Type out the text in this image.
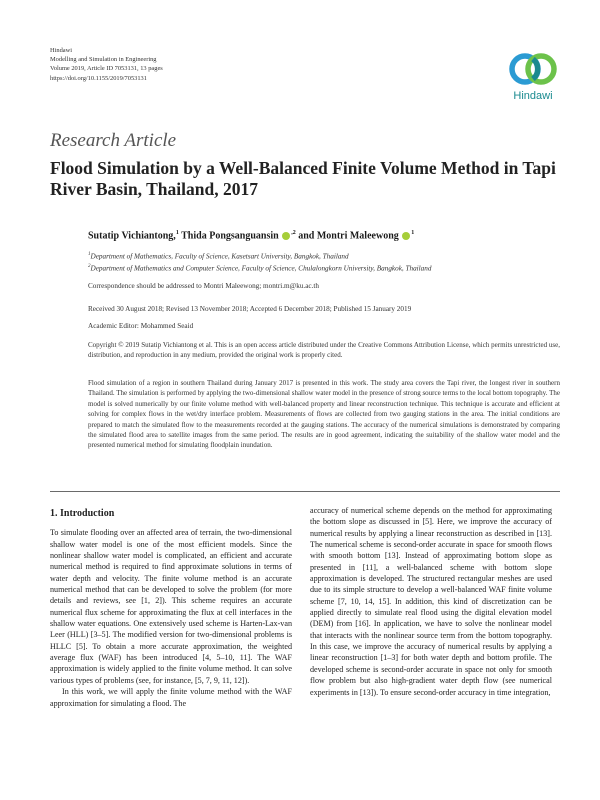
Hindawi
Modelling and Simulation in Engineering
Volume 2019, Article ID 7053131, 13 pages
https://doi.org/10.1155/2019/7053131
Hindawi
Research Article
Flood Simulation by a Well-Balanced Finite Volume Method in Tapi River Basin, Thailand, 2017
Sutatip Vichiantong,$^1$ Thida Pongsanguansin $^{,2}$ and Montri Maleewong $^1$
$^1$Department of Mathematics, Faculty of Science, Kasetsart University, Bangkok, Thailand
$^2$Department of Mathematics and Computer Science, Faculty of Science, Chulalongkorn University, Bangkok, Thailand
Correspondence should be addressed to Montri Maleewong; montri.m@ku.ac.th
Received 30 August 2018; Revised 13 November 2018; Accepted 6 December 2018; Published 15 January 2019
Academic Editor: Mohammed Seaid
Copyright © 2019 Sutatip Vichiantong et al. This is an open access article distributed under the Creative Commons Attribution License, which permits unrestricted use, distribution, and reproduction in any medium, provided the original work is properly cited.
Flood simulation of a region in southern Thailand during January 2017 is presented in this work. The study area covers the Tapi river, the longest river in southern Thailand. The simulation is performed by applying the two-dimensional shallow water model in the presence of strong source terms to the local bottom topography. The model is solved numerically by our finite volume method with well-balanced property and linear reconstruction technique. This technique is accurate and efficient at solving for complex flows in the wet/dry interface problem. Measurements of flows are collected from two gauging stations in the area. The initial conditions are prepared to match the simulated flow to the measurements recorded at the gauging stations. The accuracy of the numerical simulations is demonstrated by comparing the simulated flood area to satellite images from the same period. The results are in good agreement, indicating the suitability of the shallow water model and the presented numerical method for simulating floodplain inundation.
1. Introduction

To simulate flooding over an affected area of terrain, the two-dimensional shallow water model is one of the most efficient models. Since the nonlinear shallow water model is complicated, an efficient and accurate numerical method is required to find approximate solutions in terms of water depth and velocity. The finite volume method is an accurate numerical method that can be developed to solve the problem (for more details and reviews, see [1, 2]). This scheme requires an accurate numerical flux scheme for approximating the flux at cell interfaces in the shallow water equations. One extensively used scheme is Harten-Lax-van Leer (HLL) [3–5]. The modified version for two-dimensional problems is HLLC [5]. To obtain a more accurate approximation, the weighted average flux (WAF) has been introduced [4, 5–10, 11]. The WAF approximation is widely applied to the finite volume method. It can solve various types of problems (see, for instance, [5, 7, 9, 11, 12]).

In this work, we will apply the finite volume method with the WAF approximation for simulating a flood. The

accuracy of numerical scheme depends on the method for approximating the bottom slope as discussed in [5]. Here, we improve the accuracy of numerical results by applying a linear reconstruction as described in [13]. The numerical scheme is second-order accurate in space for smooth flows with smooth bottom [13]. Instead of approximating bottom slope as presented in [11], a well-balanced scheme with bottom slope approximation is developed. The structured rectangular meshes are used due to its simple structure to develop a well-balanced WAF finite volume scheme [7, 10, 14, 15]. In addition, this kind of discretization can be applied directly to simulate real flood using the digital elevation model (DEM) from [16]. In application, we have to solve the nonlinear model that interacts with the nonlinear source term from the bottom topography. In this case, we improve the accuracy of numerical results by applying a linear reconstruction [1–3] for both water depth and bottom profile. The developed scheme is second-order accurate in space not only for smooth flow problem but also high-gradient water depth flow (see numerical experiments in [13]). To ensure second-order accuracy in time integration,
